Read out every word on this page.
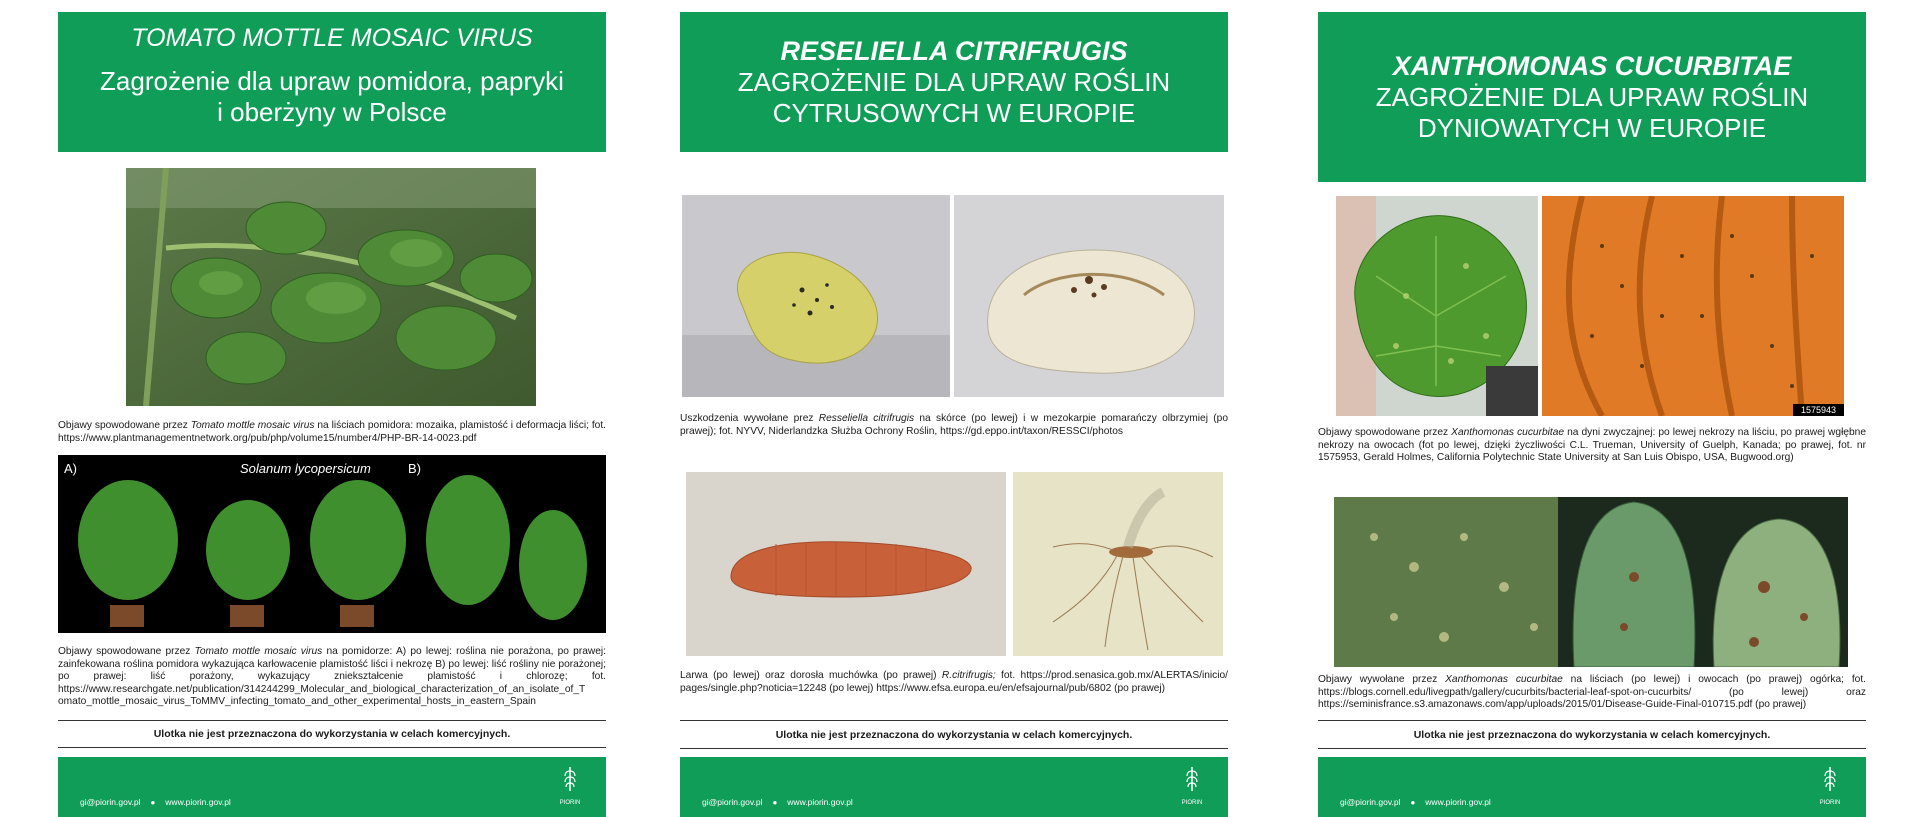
TOMATO MOTTLE MOSAIC VIRUS
Zagrożenie dla upraw pomidora, papryki
i oberżyny w Polsce
Objawy spowodowane przez Tomato mottle mosaic virus na liściach pomidora: mozaika, plamistość i deformacja liści; fot. https://www.plantmanagementnetwork.org/pub/php/volume15/number4/PHP-BR-14-0023.pdf
A)	Solanum lycopersicum	B)
Objawy spowodowane przez Tomato mottle mosaic virus na pomidorze: A) po lewej: roślina nie porażona, po prawej: zainfekowana roślina pomidora wykazująca karłowacenie plamistość liści i nekrozę B) po lewej: liść rośliny nie porażonej; po prawej: liść porażony, wykazujący zniekształcenie plamistość i chlorozę; fot. https://www.researchgate.net/publication/314244299_Molecular_and_biological_characterization_of_an_isolate_of_T omato_mottle_mosaic_virus_ToMMV_infecting_tomato_and_other_experimental_hosts_in_eastern_Spain
Ulotka nie jest przeznaczona do wykorzystania w celach komercyjnych.
gi@piorin.gov.pl ● www.piorin.gov.pl	PIORIN
RESELIELLA CITRIFRUGIS
ZAGROŻENIE DLA UPRAW ROŚLIN
CYTRUSOWYCH W EUROPIE
Uszkodzenia wywołane prez Resseliella citrifrugis na skórce (po lewej) i w mezokarpie pomarańczy olbrzymiej (po prawej); fot. NYVV, Niderlandzka Służba Ochrony Roślin, https://gd.eppo.int/taxon/RESSCI/photos
Larwa (po lewej) oraz dorosła muchówka (po prawej) R.citrifrugis; fot. https://prod.senasica.gob.mx/ALERTAS/inicio/ pages/single.php?noticia=12248 (po lewej) https://www.efsa.europa.eu/en/efsajournal/pub/6802 (po prawej)
Ulotka nie jest przeznaczona do wykorzystania w celach komercyjnych.
gi@piorin.gov.pl ● www.piorin.gov.pl	PIORIN
XANTHOMONAS CUCURBITAE
ZAGROŻENIE DLA UPRAW ROŚLIN
DYNIOWATYCH W EUROPIE
1575943
Objawy spowodowane przez Xanthomonas cucurbitae na dyni zwyczajnej: po lewej nekrozy na liściu, po prawej wgłębne nekrozy na owocach (fot po lewej, dzięki życzliwości C.L. Trueman, University of Guelph, Kanada; po prawej, fot. nr 1575953, Gerald Holmes, California Polytechnic State University at San Luis Obispo, USA, Bugwood.org)
Objawy wywołane przez Xanthomonas cucurbitae na liściach (po lewej) i owocach (po prawej) ogórka; fot. https://blogs.cornell.edu/livegpath/gallery/cucurbits/bacterial-leaf-spot-on-cucurbits/ (po lewej) oraz https://seminisfrance.s3.amazonaws.com/app/uploads/2015/01/Disease-Guide-Final-010715.pdf (po prawej)
Ulotka nie jest przeznaczona do wykorzystania w celach komercyjnych.
gi@piorin.gov.pl ● www.piorin.gov.pl	PIORIN
